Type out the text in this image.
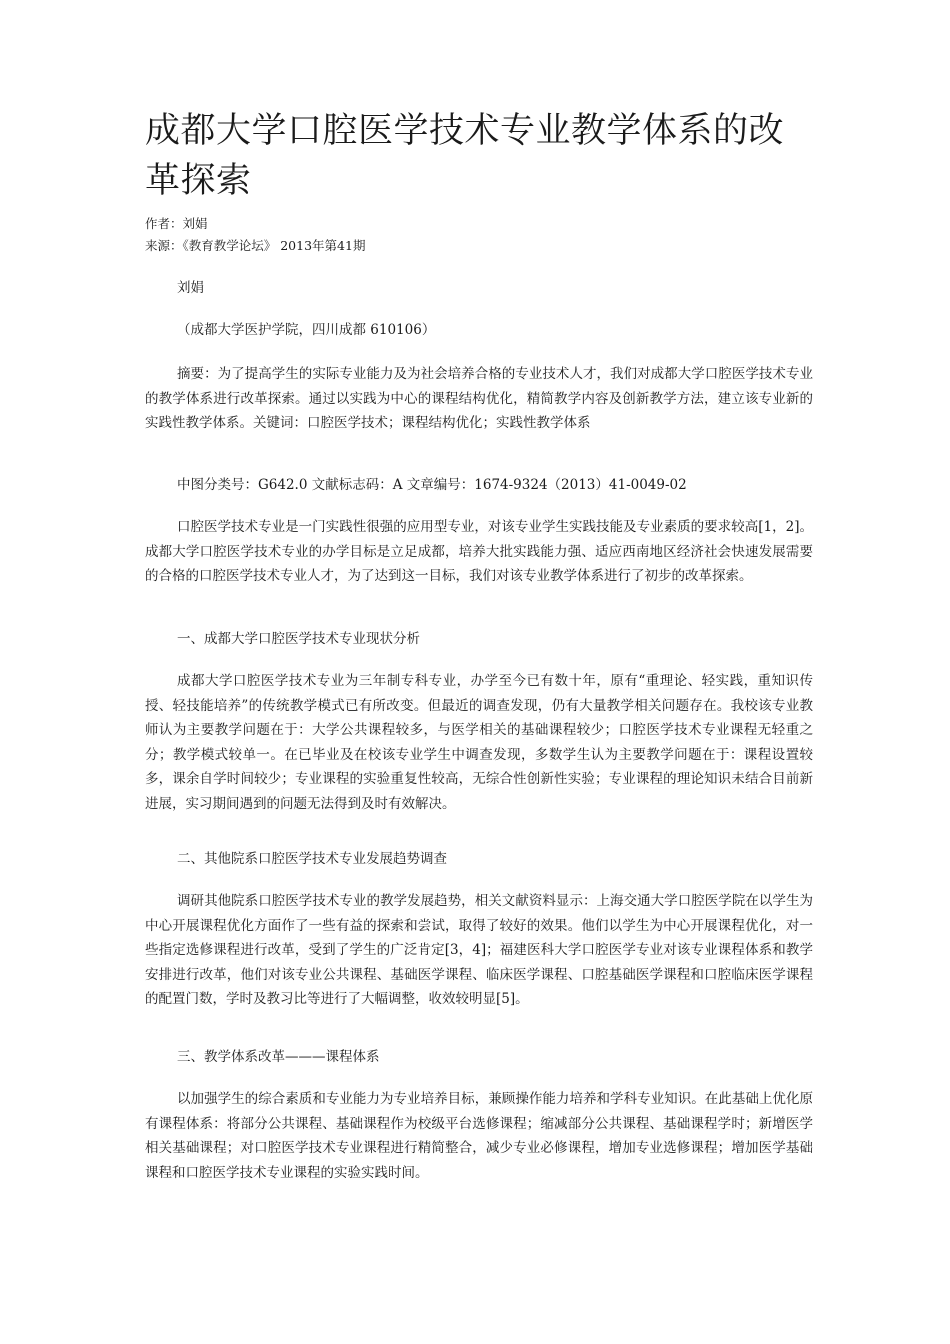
成都大学口腔医学技术专业教学体系的改革探索
作者：刘娟
来源：《教育教学论坛》 2013年第41期

刘娟

（成都大学医护学院，四川成都 610106）

摘要：为了提高学生的实际专业能力及为社会培养合格的专业技术人才，我们对成都大学口腔医学技术专业的教学体系进行改革探索。通过以实践为中心的课程结构优化，精简教学内容及创新教学方法，建立该专业新的实践性教学体系。关键词：口腔医学技术；课程结构优化；实践性教学体系

中图分类号：G642.0 文献标志码：A 文章编号：1674-9324（2013）41-0049-02

口腔医学技术专业是一门实践性很强的应用型专业，对该专业学生实践技能及专业素质的要求较高[1，2]。成都大学口腔医学技术专业的办学目标是立足成都，培养大批实践能力强、适应西南地区经济社会快速发展需要的合格的口腔医学技术专业人才，为了达到这一目标，我们对该专业教学体系进行了初步的改革探索。

一、成都大学口腔医学技术专业现状分析

成都大学口腔医学技术专业为三年制专科专业，办学至今已有数十年，原有“重理论、轻实践，重知识传授、轻技能培养”的传统教学模式已有所改变。但最近的调查发现，仍有大量教学相关问题存在。我校该专业教师认为主要教学问题在于：大学公共课程较多，与医学相关的基础课程较少；口腔医学技术专业课程无轻重之分；教学模式较单一。在已毕业及在校该专业学生中调查发现，多数学生认为主要教学问题在于：课程设置较多，课余自学时间较少；专业课程的实验重复性较高，无综合性创新性实验；专业课程的理论知识未结合目前新进展，实习期间遇到的问题无法得到及时有效解决。

二、其他院系口腔医学技术专业发展趋势调查

调研其他院系口腔医学技术专业的教学发展趋势，相关文献资料显示：上海交通大学口腔医学院在以学生为中心开展课程优化方面作了一些有益的探索和尝试，取得了较好的效果。他们以学生为中心开展课程优化，对一些指定选修课程进行改革，受到了学生的广泛肯定[3，4]；福建医科大学口腔医学专业对该专业课程体系和教学安排进行改革，他们对该专业公共课程、基础医学课程、临床医学课程、口腔基础医学课程和口腔临床医学课程的配置门数，学时及教习比等进行了大幅调整，收效较明显[5]。

三、教学体系改革———课程体系

以加强学生的综合素质和专业能力为专业培养目标，兼顾操作能力培养和学科专业知识。在此基础上优化原有课程体系：将部分公共课程、基础课程作为校级平台选修课程；缩减部分公共课程、基础课程学时；新增医学相关基础课程；对口腔医学技术专业课程进行精简整合，减少专业必修课程，增加专业选修课程；增加医学基础课程和口腔医学技术专业课程的实验实践时间。
